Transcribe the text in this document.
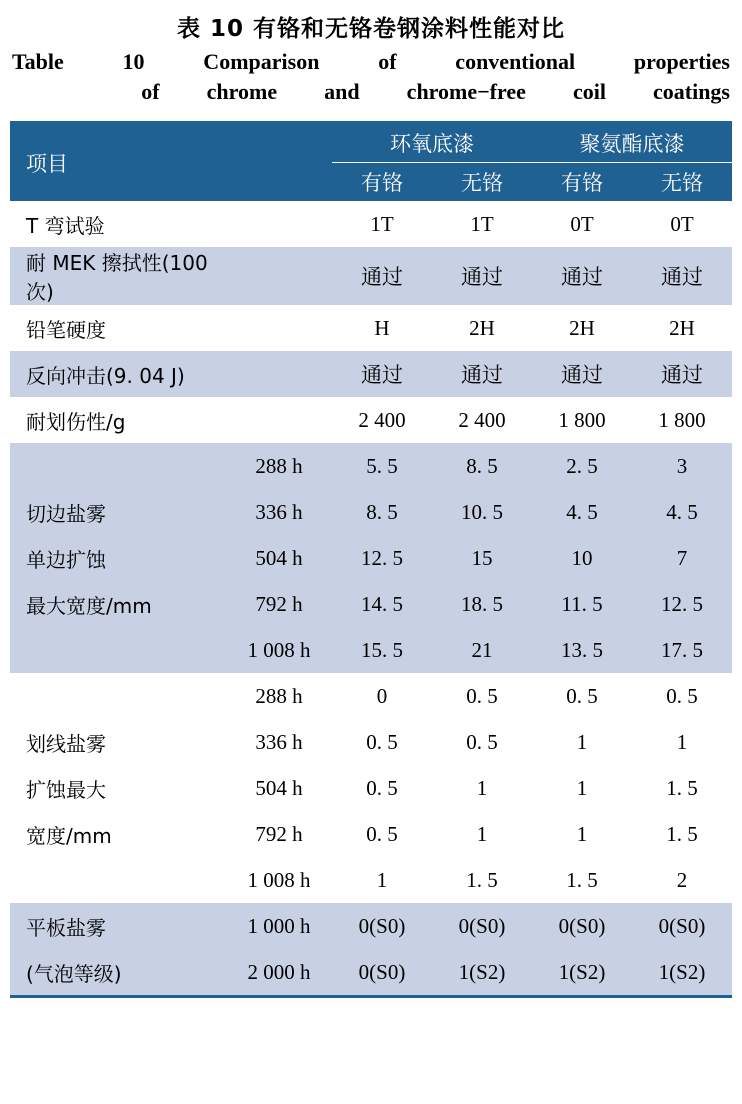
表 10 有铬和无铬卷钢涂料性能对比
Table 10 Comparison of conventional properties
of chrome and chrome−free coil coatings
项目		环氧底漆		聚氨酯底漆	
		有铬	无铬	有铬	无铬
T 弯试验		1T	1T	0T	0T
耐 MEK 擦拭性(100次)		通过	通过	通过	通过
铅笔硬度		H	2H	2H	2H
反向冲击(9. 04 J)		通过	通过	通过	通过
耐划伤性/g		2 400	2 400	1 800	1 800
	288 h	5. 5	8. 5	2. 5	3
切边盐雾	336 h	8. 5	10. 5	4. 5	4. 5
单边扩蚀	504 h	12. 5	15	10	7
最大宽度/mm	792 h	14. 5	18. 5	11. 5	12. 5
	1 008 h	15. 5	21	13. 5	17. 5
	288 h	0	0. 5	0. 5	0. 5
划线盐雾	336 h	0. 5	0. 5	1	1
扩蚀最大	504 h	0. 5	1	1	1. 5
宽度/mm	792 h	0. 5	1	1	1. 5
	1 008 h	1	1. 5	1. 5	2
平板盐雾	1 000 h	0(S0)	0(S0)	0(S0)	0(S0)
(气泡等级)	2 000 h	0(S0)	1(S2)	1(S2)	1(S2)
